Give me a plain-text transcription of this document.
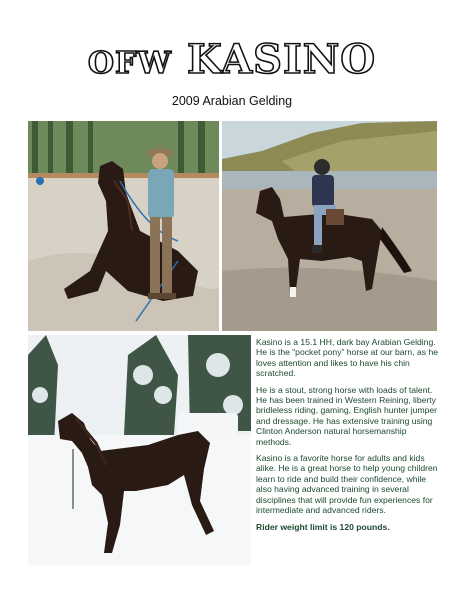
OFW KASINO
2009 Arabian Gelding

Kasino is a 15.1 HH, dark bay Arabian Gelding. He is the “pocket pony” horse at our barn, as he loves attention and likes to have his chin scratched.

He is a stout, strong horse with loads of talent. He has been trained in Western Reining, liberty bridleless riding, gaming, English hunter jumper and dressage. He has extensive training using Clinton Anderson natural horsemanship methods.

Kasino is a favorite horse for adults and kids alike. He is a great horse to help young children learn to ride and build their confidence, while also having advanced training in several disciplines that will provide fun experiences for intermediate and advanced riders.

Rider weight limit is 120 pounds.
